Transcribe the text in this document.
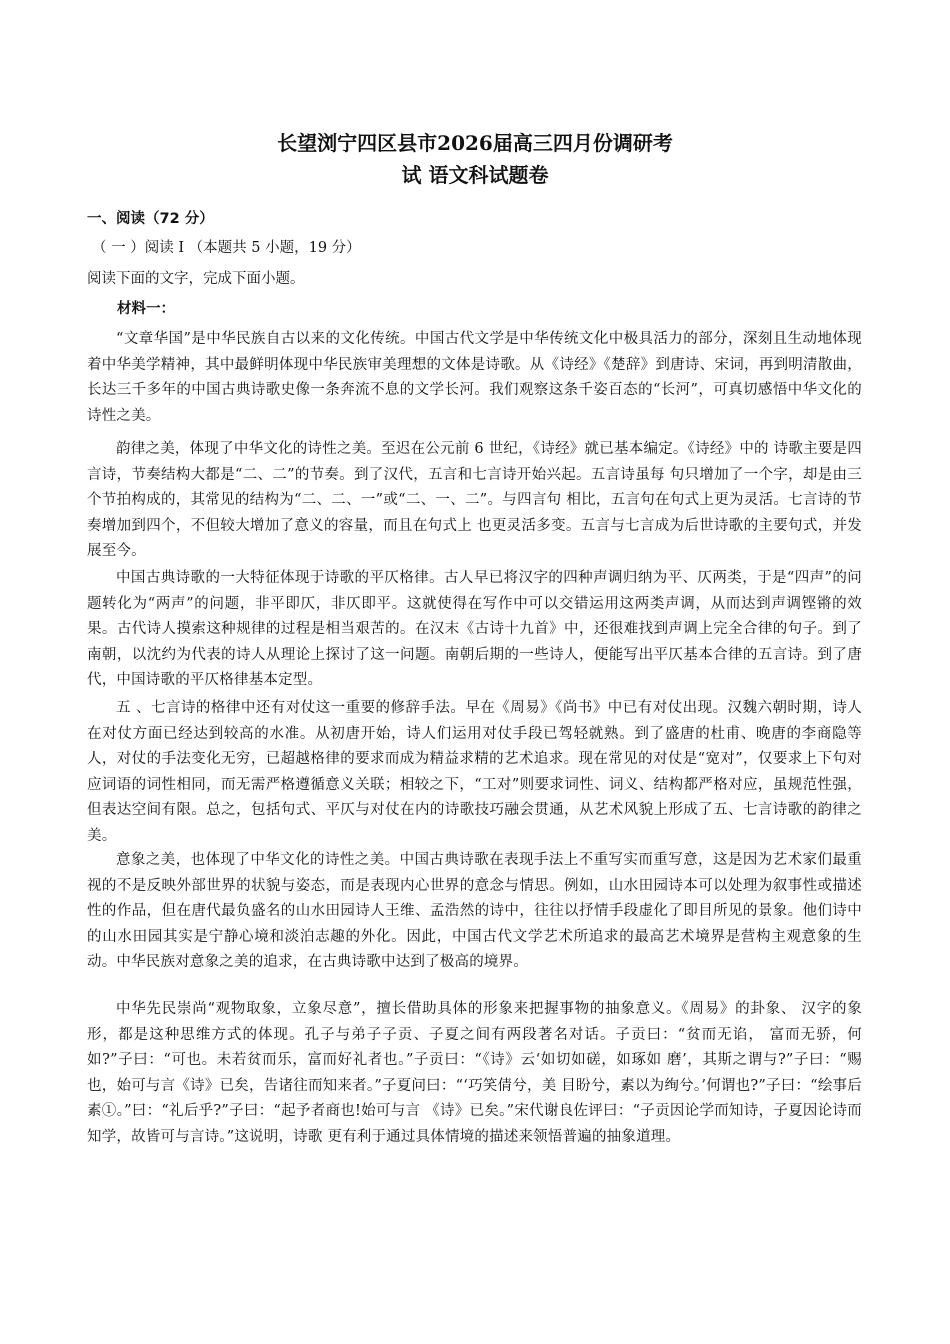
长望浏宁四区县市2026届高三四月份调研考
试 语文科试题卷
一、阅读（72 分）
（ 一 ）阅读 I （本题共 5 小题，19 分）
阅读下面的文字，完成下面小题。
材料一：

“文章华国”是中华民族自古以来的文化传统。中国古代文学是中华传统文化中极具活力的部分，深刻且生动地体现着中华美学精神，其中最鲜明体现中华民族审美理想的文体是诗歌。从《诗经》《楚辞》到唐诗、宋词，再到明清散曲，长达三千多年的中国古典诗歌史像一条奔流不息的文学长河。我们观察这条千姿百态的“长河”，可真切感悟中华文化的诗性之美。

韵律之美，体现了中华文化的诗性之美。至迟在公元前 6 世纪，《诗经》就已基本编定。《诗经》中的 诗歌主要是四言诗，节奏结构大都是“二、二”的节奏。到了汉代，五言和七言诗开始兴起。五言诗虽每 句只增加了一个字，却是由三个节拍构成的，其常见的结构为“二、二、一”或“二、一、二”。与四言句 相比，五言句在句式上更为灵活。七言诗的节奏增加到四个，不但较大增加了意义的容量，而且在句式上 也更灵活多变。五言与七言成为后世诗歌的主要句式，并发展至今。

中国古典诗歌的一大特征体现于诗歌的平仄格律。古人早已将汉字的四种声调归纳为平、仄两类，于是“四声”的问题转化为“两声”的问题，非平即仄，非仄即平。这就使得在写作中可以交错运用这两类声调，从而达到声调铿锵的效果。古代诗人摸索这种规律的过程是相当艰苦的。在汉末《古诗十九首》中，还很难找到声调上完全合律的句子。到了南朝，以沈约为代表的诗人从理论上探讨了这一问题。南朝后期的一些诗人，便能写出平仄基本合律的五言诗。到了唐代，中国诗歌的平仄格律基本定型。

五 、七言诗的格律中还有对仗这一重要的修辞手法。早在《周易》《尚书》中已有对仗出现。汉魏六朝时期，诗人在对仗方面已经达到较高的水准。从初唐开始，诗人们运用对仗手段已驾轻就熟。到了盛唐的杜甫、晚唐的李商隐等人，对仗的手法变化无穷，已超越格律的要求而成为精益求精的艺术追求。现在常见的对仗是“宽对”，仅要求上下句对应词语的词性相同，而无需严格遵循意义关联；相较之下，“工对”则要求词性、词义、结构都严格对应，虽规范性强，但表达空间有限。总之，包括句式、平仄与对仗在内的诗歌技巧融会贯通，从艺术风貌上形成了五、七言诗歌的韵律之美。

意象之美，也体现了中华文化的诗性之美。中国古典诗歌在表现手法上不重写实而重写意，这是因为艺术家们最重视的不是反映外部世界的状貌与姿态，而是表现内心世界的意念与情思。例如，山水田园诗本可以处理为叙事性或描述性的作品，但在唐代最负盛名的山水田园诗人王维、孟浩然的诗中，往往以抒情手段虚化了即目所见的景象。他们诗中的山水田园其实是宁静心境和淡泊志趣的外化。因此，中国古代文学艺术所追求的最高艺术境界是营构主观意象的生动。中华民族对意象之美的追求，在古典诗歌中达到了极高的境界。

中华先民崇尚“观物取象，立象尽意”，擅长借助具体的形象来把握事物的抽象意义。《周易》的卦象、 汉字的象形，都是这种思维方式的体现。孔子与弟子子贡、子夏之间有两段著名对话。子贡曰：“贫而无谄， 富而无骄，何如?”子曰：“可也。未若贫而乐，富而好礼者也。”子贡曰：“《诗》云‘如切如磋，如琢如 磨’，其斯之谓与?”子曰：“赐也，始可与言《诗》已矣，告诸往而知来者。”子夏问曰：“‘巧笑倩兮，美 目盼兮，素以为绚兮。’何谓也?”子曰：“绘事后素①。”曰：“礼后乎?”子曰：“起予者商也!始可与言 《诗》已矣。”宋代谢良佐评曰：“子贡因论学而知诗，子夏因论诗而知学，故皆可与言诗。”这说明，诗歌 更有利于通过具体情境的描述来领悟普遍的抽象道理。
